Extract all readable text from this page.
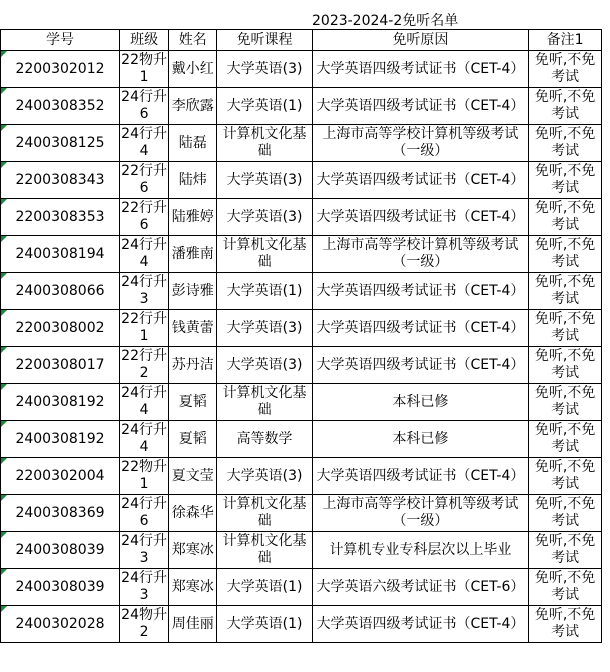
2023-2024-2免听名单
学号	班级	姓名	免听课程	免听原因	备注1

2200302012	22物升1	戴小红	大学英语(3)	大学英语四级考试证书（CET-4）	免听,不免考试

2400308352	24行升6	李欣露	大学英语(1)	大学英语四级考试证书（CET-4）	免听,不免考试

2400308125	24行升4	陆磊	计算机文化基础	上海市高等学校计算机等级考试（一级）	免听,不免考试

2200308343	22行升6	陆炜	大学英语(3)	大学英语四级考试证书（CET-4）	免听,不免考试

2200308353	22行升6	陆雅婷	大学英语(3)	大学英语四级考试证书（CET-4）	免听,不免考试

2400308194	24行升4	潘雅南	计算机文化基础	上海市高等学校计算机等级考试（一级）	免听,不免考试

2400308066	24行升3	彭诗雅	大学英语(1)	大学英语四级考试证书（CET-4）	免听,不免考试

2200308002	22行升1	钱黄蕾	大学英语(3)	大学英语四级考试证书（CET-4）	免听,不免考试

2200308017	22行升2	苏丹洁	大学英语(3)	大学英语四级考试证书（CET-4）	免听,不免考试

2400308192	24行升4	夏韬	计算机文化基础	本科已修	免听,不免考试

2400308192	24行升4	夏韬	高等数学	本科已修	免听,不免考试

2200302004	22物升1	夏文莹	大学英语(3)	大学英语四级考试证书（CET-4）	免听,不免考试

2400308369	24行升6	徐森华	计算机文化基础	上海市高等学校计算机等级考试（一级）	免听,不免考试

2400308039	24行升3	郑寒冰	计算机文化基础	计算机专业专科层次以上毕业	免听,不免考试

2400308039	24行升3	郑寒冰	大学英语(1)	大学英语六级考试证书（CET-6）	免听,不免考试

2400302028	24物升2	周佳丽	大学英语(1)	大学英语四级考试证书（CET-4）	免听,不免考试
